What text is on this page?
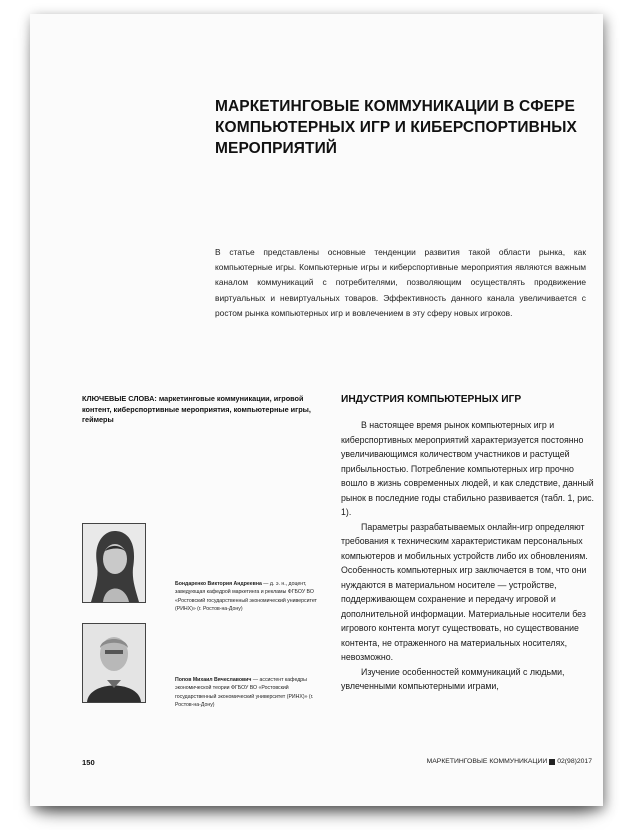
МАРКЕТИНГОВЫЕ КОММУНИКАЦИИ В СФЕРЕ КОМПЬЮТЕРНЫХ ИГР И КИБЕРСПОРТИВНЫХ МЕРОПРИЯТИЙ
В статье представлены основные тенденции развития такой области рынка, как компьютерные игры. Компьютерные игры и киберспортивные мероприятия являются важным каналом коммуникаций с потребителями, позволяющим осуществлять продвижение виртуальных и невиртуальных товаров. Эффективность данного канала увеличивается с ростом рынка компьютерных игр и вовлечением в эту сферу новых игроков.
КЛЮЧЕВЫЕ СЛОВА: маркетинговые коммуникации, игровой контент, киберспортивные мероприятия, компьютерные игры, геймеры
Бондаренко Виктория Андреевна — д. э. н., доцент, заведующая кафедрой маркетинга и рекламы ФГБОУ ВО «Ростовский государственный экономический университет (РИНХ)» (г. Ростов-на-Дону)
Попов Михаил Вячеславович — ассистент кафедры экономической теории ФГБОУ ВО «Ростовский государственный экономический университет (РИНХ)» (г. Ростов-на-Дону)
ИНДУСТРИЯ КОМПЬЮТЕРНЫХ ИГР

В настоящее время рынок компьютерных игр и киберспортивных мероприятий характеризуется постоянно увеличивающимся количеством участников и растущей прибыльностью. Потребление компьютерных игр прочно вошло в жизнь современных людей, и как следствие, данный рынок в последние годы стабильно развивается (табл. 1, рис. 1).

Параметры разрабатываемых онлайн-игр определяют требования к техническим характеристикам персональных компьютеров и мобильных устройств либо их обновлениям. Особенность компьютерных игр заключается в том, что они нуждаются в материальном носителе — устройстве, поддерживающем сохранение и передачу игровой и дополнительной информации. Материальные носители без игрового контента могут существовать, но существование контента, не отраженного на материальных носителях, невозможно.

Изучение особенностей коммуникаций с людьми, увлеченными компьютерными играми,

150	МАРКЕТИНГОВЫЕ КОММУНИКАЦИИ 02(98)2017
